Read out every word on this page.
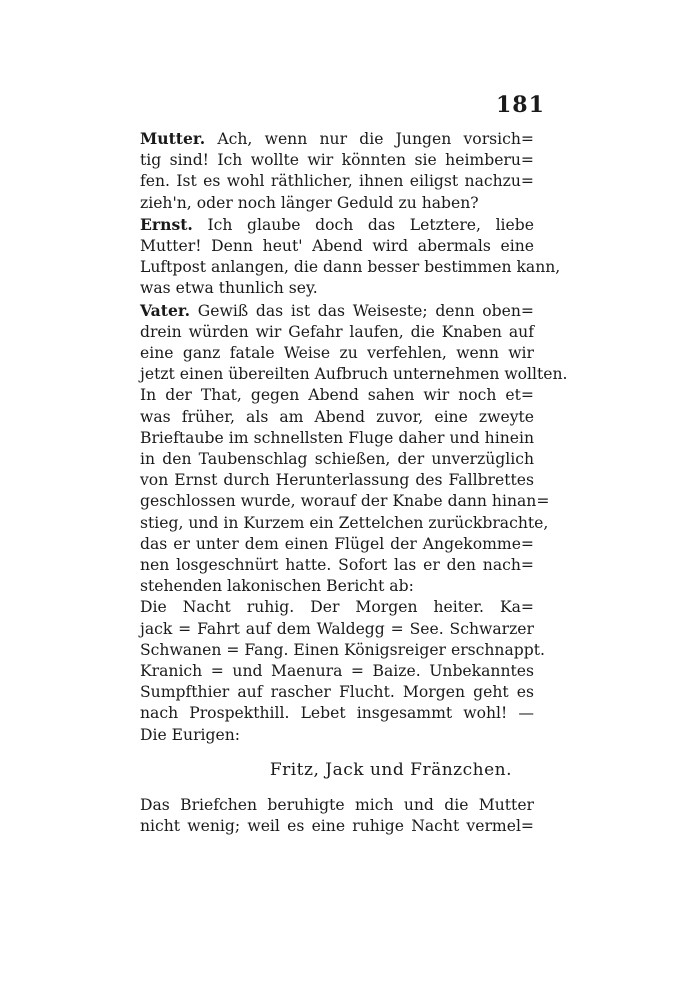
181

Mutter. Ach, wenn nur die Jungen vorsich=
tig sind! Ich wollte wir könnten sie heimberu=
fen. Ist es wohl räthlicher, ihnen eiligst nachzu=
zieh'n, oder noch länger Geduld zu haben?

Ernst. Ich glaube doch das Letztere, liebe
Mutter! Denn heut' Abend wird abermals eine
Luftpost anlangen, die dann besser bestimmen kann,
was etwa thunlich sey.

Vater. Gewiß das ist das Weiseste; denn oben=
drein würden wir Gefahr laufen, die Knaben auf
eine ganz fatale Weise zu verfehlen, wenn wir
jetzt einen übereilten Aufbruch unternehmen wollten.

In der That, gegen Abend sahen wir noch et=
was früher, als am Abend zuvor, eine zweyte
Brieftaube im schnellsten Fluge daher und hinein
in den Taubenschlag schießen, der unverzüglich
von Ernst durch Herunterlassung des Fallbrettes
geschlossen wurde, worauf der Knabe dann hinan=
stieg, und in Kurzem ein Zettelchen zurückbrachte,
das er unter dem einen Flügel der Angekomme=
nen losgeschnürt hatte. Sofort las er den nach=
stehenden lakonischen Bericht ab:

Die Nacht ruhig. Der Morgen heiter. Ka=
jack = Fahrt auf dem Waldegg = See. Schwarzer
Schwanen = Fang. Einen Königsreiger erschnappt.
Kranich = und Maenura = Baize. Unbekanntes
Sumpfthier auf rascher Flucht. Morgen geht es
nach Prospekthill. Lebet insgesammt wohl! —
Die Eurigen:

Fritz, Jack und Fränzchen.

Das Briefchen beruhigte mich und die Mutter
nicht wenig; weil es eine ruhige Nacht vermel=
